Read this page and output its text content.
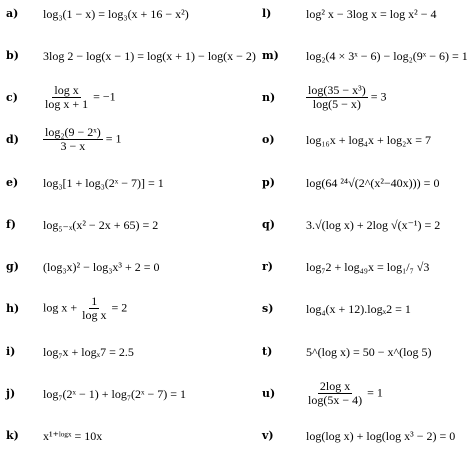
a) log₃(1 − x) = log₃(x + 16 − x²)
b) 3log 2 − log(x − 1) = log(x + 1) − log(x − 2)
$c) \frac{\text{log x}}{\text{log x + 1}} = -1$
$d) \frac{\text{log₂(9 − 2ˣ)}}{3 - x} = 1$
e) log₃[1 + log₃(2ˣ − 7)] = 1
f) log₅₋ₓ(x² − 2x + 65) = 2
g) (log₃x)² − log₃x³ + 2 = 0
h) $\log x + \frac{1}{\text{log x}} = 2$
i) log₇x + logₓ7 = 2.5
j) log₇(2ˣ − 1) + log₇(2ˣ − 7) = 1
k) x¹⁺ˡᵒᵍˣ = 10x
l)	log² x − 3log x = log x² − 4
m) log₂(4 × 3ˣ − 6) − log₂(9ˣ − 6) = 1
n)	$\frac{\text{log(35 − x³)}}{\log(5 - x)} = 3$
o)	log₁₆x + log₄x + log₂x = 7
p)	log(64 ²⁴√(2^(x²−40x))) = 0
q)	3.√(log x) + 2log √(x⁻¹) = 2
r)	log₇2 + log₄₉x = log₁/₇ √3
s)	log₄(x + 12).logₓ2 = 1
t)	5^(log x) = 50 − x^(log 5)
u)	$\frac{\text{2log x}}{\log(5x - 4)} = 1$
v)	log(log x) + log(log x³ − 2) = 0
